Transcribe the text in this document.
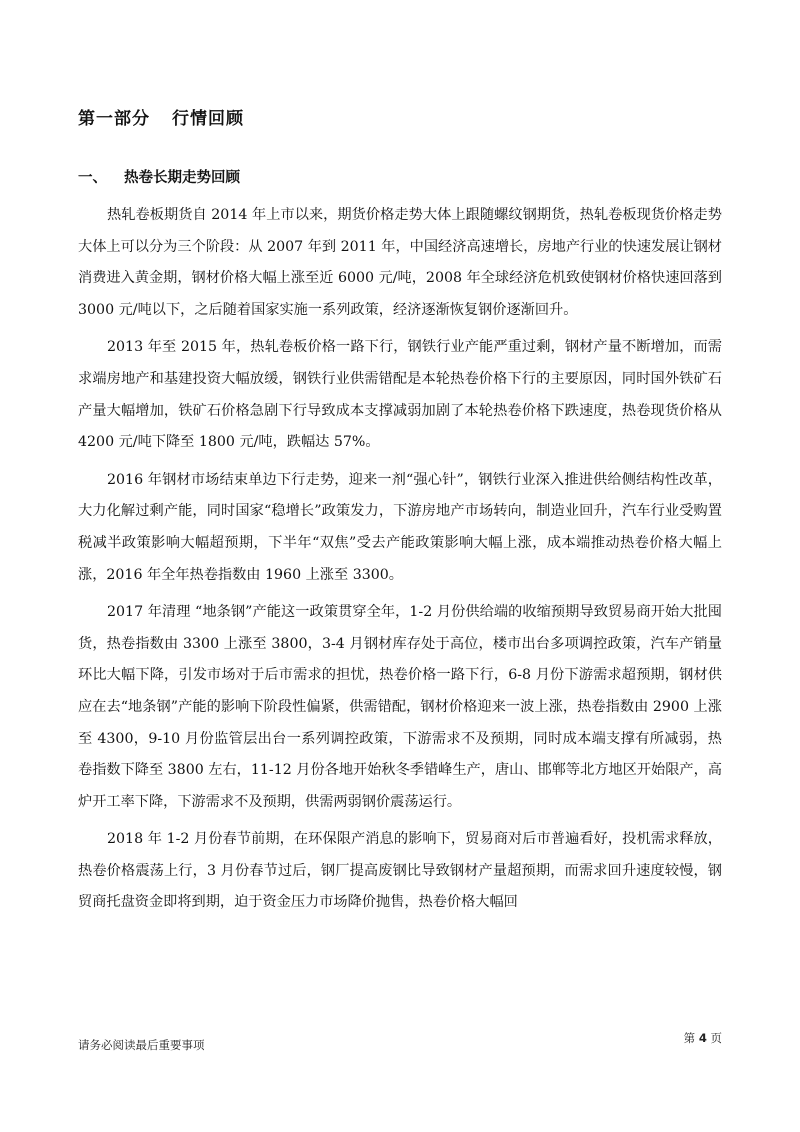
第一部分 行情回顾
一、 热卷长期走势回顾

热轧卷板期货自 2014 年上市以来，期货价格走势大体上跟随螺纹钢期货，热轧卷板现货价格走势大体上可以分为三个阶段：从 2007 年到 2011 年，中国经济高速增长，房地产行业的快速发展让钢材消费进入黄金期，钢材价格大幅上涨至近 6000 元/吨，2008 年全球经济危机致使钢材价格快速回落到 3000 元/吨以下，之后随着国家实施一系列政策，经济逐渐恢复钢价逐渐回升。

2013 年至 2015 年，热轧卷板价格一路下行，钢铁行业产能严重过剩，钢材产量不断增加，而需求端房地产和基建投资大幅放缓，钢铁行业供需错配是本轮热卷价格下行的主要原因，同时国外铁矿石产量大幅增加，铁矿石价格急剧下行导致成本支撑减弱加剧了本轮热卷价格下跌速度，热卷现货价格从 4200 元/吨下降至 1800 元/吨，跌幅达 57%。

2016 年钢材市场结束单边下行走势，迎来一剂“强心针”，钢铁行业深入推进供给侧结构性改革，大力化解过剩产能，同时国家“稳增长”政策发力，下游房地产市场转向，制造业回升，汽车行业受购置税减半政策影响大幅超预期，下半年“双焦”受去产能政策影响大幅上涨，成本端推动热卷价格大幅上涨，2016 年全年热卷指数由 1960 上涨至 3300。

2017 年清理 “地条钢”产能这一政策贯穿全年，1-2 月份供给端的收缩预期导致贸易商开始大批囤货，热卷指数由 3300 上涨至 3800，3-4 月钢材库存处于高位，楼市出台多项调控政策，汽车产销量环比大幅下降，引发市场对于后市需求的担忧，热卷价格一路下行，6-8 月份下游需求超预期，钢材供应在去“地条钢”产能的影响下阶段性偏紧，供需错配，钢材价格迎来一波上涨，热卷指数由 2900 上涨至 4300，9-10 月份监管层出台一系列调控政策，下游需求不及预期，同时成本端支撑有所减弱，热卷指数下降至 3800 左右，11-12 月份各地开始秋冬季错峰生产，唐山、邯郸等北方地区开始限产，高炉开工率下降，下游需求不及预期，供需两弱钢价震荡运行。

2018 年 1-2 月份春节前期，在环保限产消息的影响下，贸易商对后市普遍看好，投机需求释放，热卷价格震荡上行，3 月份春节过后，钢厂提高废钢比导致钢材产量超预期，而需求回升速度较慢，钢贸商托盘资金即将到期，迫于资金压力市场降价抛售，热卷价格大幅回

请务必阅读最后重要事项	第 4 页
